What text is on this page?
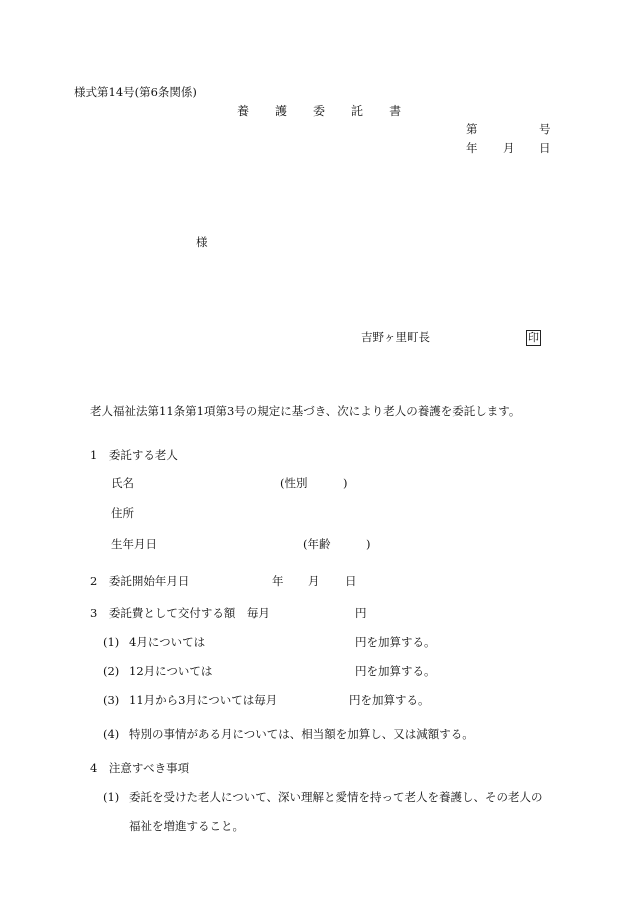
様式第14号(第6条関係)
養 護 委 託 書
第	号
年 月 日
様
吉野ヶ里町長	印
老人福祉法第11条第1項第3号の規定に基づき、次により老人の養護を委託します。
1　委託する老人
氏名	(性別	)
住所
生年月日	(年齢	)
2　委託開始年月日	年 月 日
3　委託費として交付する額　毎月	円
(1) 4月については	円を加算する。
(2) 12月については	円を加算する。
(3) 11月から3月については毎月	円を加算する。
(4) 特別の事情がある月については、相当額を加算し、又は減額する。
4　注意すべき事項
(1) 委託を受けた老人について、深い理解と愛情を持って老人を養護し、その老人の
福祉を増進すること。
